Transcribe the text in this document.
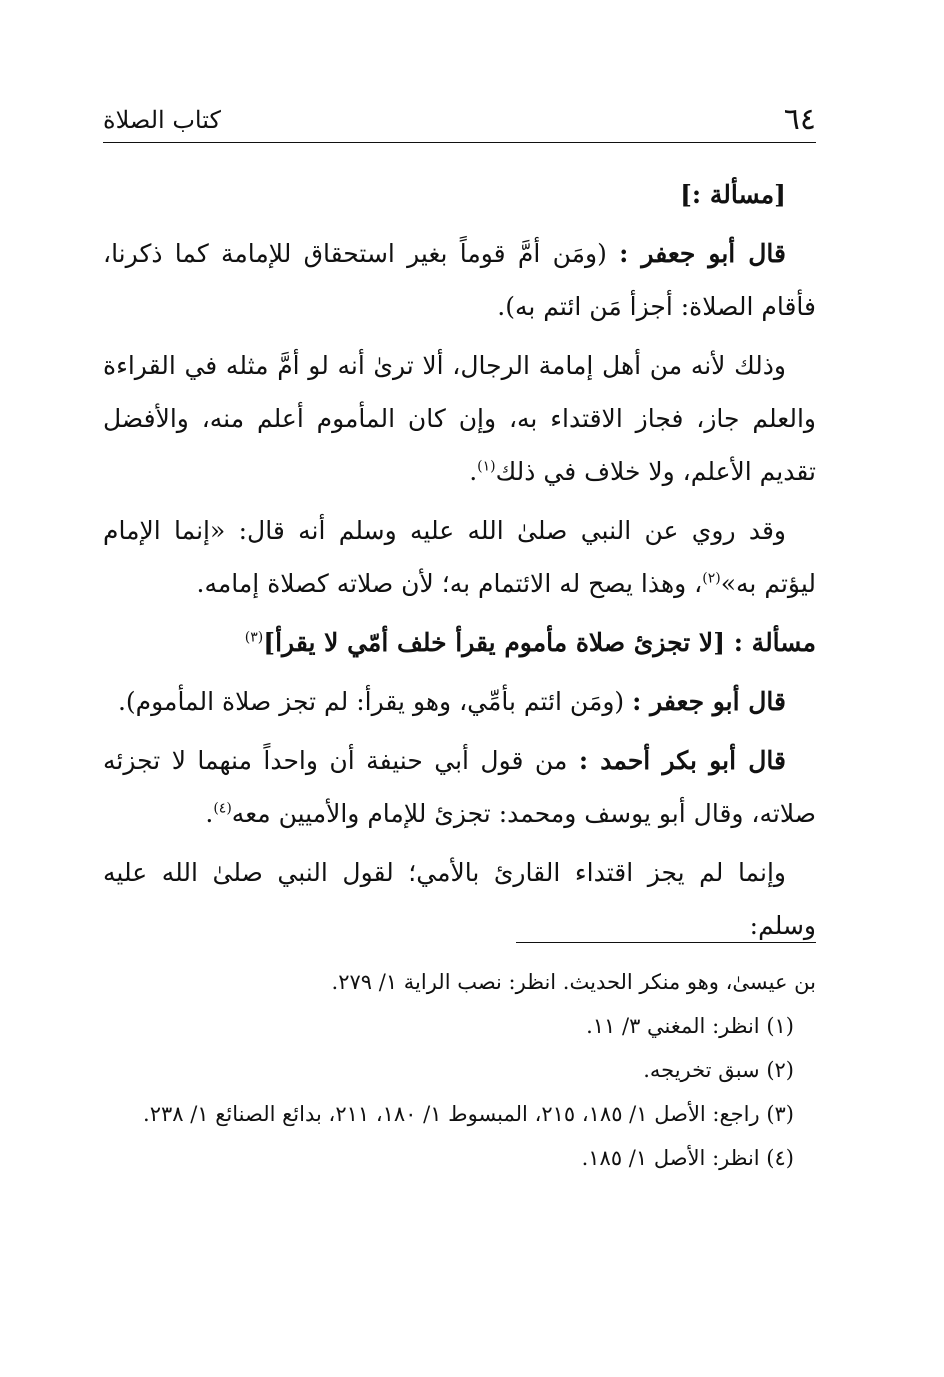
٦٤
كتاب الصلاة

[مسألة :]

قال أبو جعفر : (ومَن أمَّ قوماً بغير استحقاق للإمامة كما ذكرنا، فأقام الصلاة: أجزأ مَن ائتم به).

وذلك لأنه من أهل إمامة الرجال، ألا ترىٰ أنه لو أمَّ مثله في القراءة والعلم جاز، فجاز الاقتداء به، وإن كان المأموم أعلم منه، والأفضل تقديم الأعلم، ولا خلاف في ذلك$^{(١)}$.

وقد روي عن النبي صلىٰ الله عليه وسلم أنه قال: «إنما الإمام ليؤتم به»$^{(٢)}$، وهذا يصح له الائتمام به؛ لأن صلاته كصلاة إمامه.

مسألة : [لا تجزئ صلاة مأموم يقرأ خلف أمّي لا يقرأ]$^{(٣)}$

قال أبو جعفر : (ومَن ائتم بأمِّي، وهو يقرأ: لم تجز صلاة المأموم).

قال أبو بكر أحمد : من قول أبي حنيفة أن واحداً منهما لا تجزئه صلاته، وقال أبو يوسف ومحمد: تجزئ للإمام والأميين معه$^{(٤)}$.

وإنما لم يجز اقتداء القارئ بالأمي؛ لقول النبي صلىٰ الله عليه وسلم:

بن عيسىٰ، وهو منكر الحديث. انظر: نصب الراية ١/ ٢٧٩.

(١) انظر: المغني ٣/ ١١.

(٢) سبق تخريجه.

(٣) راجع: الأصل ١/ ١٨٥، ٢١٥، المبسوط ١/ ١٨٠، ٢١١، بدائع الصنائع ١/ ٢٣٨.

(٤) انظر: الأصل ١/ ١٨٥.
